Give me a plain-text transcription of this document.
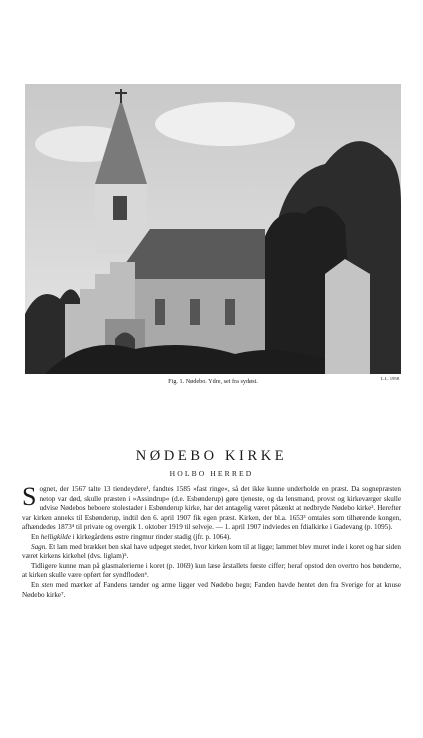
Fig. 1. Nødebo. Ydre, set fra sydøst.	L.L. 1958
NØDEBO KIRKE
HOLBO HERRED

Sognet, der 1567 talte 13 tiendeydere¹, fandtes 1585 »fast ringe«, så det ikke kunne underholde en præst. Da sognepræsten netop var død, skulle præsten i »Assindrup« (d.e. Esbønderup) gøre tjeneste, og da lensmand, provst og kirkeværger skulle udvise Nødebos beboere stolestader i Esbønderup kirke, har det antagelig været påtænkt at nedbryde Nødebo kirke². Herefter var kirken anneks til Esbønderup, indtil den 6. april 1907 fik egen præst. Kirken, der bl.a. 1653³ omtales som tilhørende kongen, afhændedes 1873⁴ til private og overgik 1. oktober 1919 til selveje. — 1. april 1907 indviedes en fdialkirke i Gadevang (p. 1095).

En helligkilde i kirkegårdens østre ringmur rinder stadig (jfr. p. 1064).

Sagn. Et lam med brækket ben skal have udpeget stedet, hvor kirken kom til at ligge; lammet blev muret inde i koret og har siden været kirkens kirkehel (dvs. liglam)⁵.

Tidligere kunne man på glasmalerierne i koret (p. 1069) kun læse årstallets første ciffer; heraf opstod den overtro hos bønderne, at kirken skulle være opført før syndfloden⁶.

En sten med mærker af Fandens tænder og arme ligger ved Nødebo hegn; Fanden havde hentet den fra Sverige for at knuse Nødebo kirke⁷.
